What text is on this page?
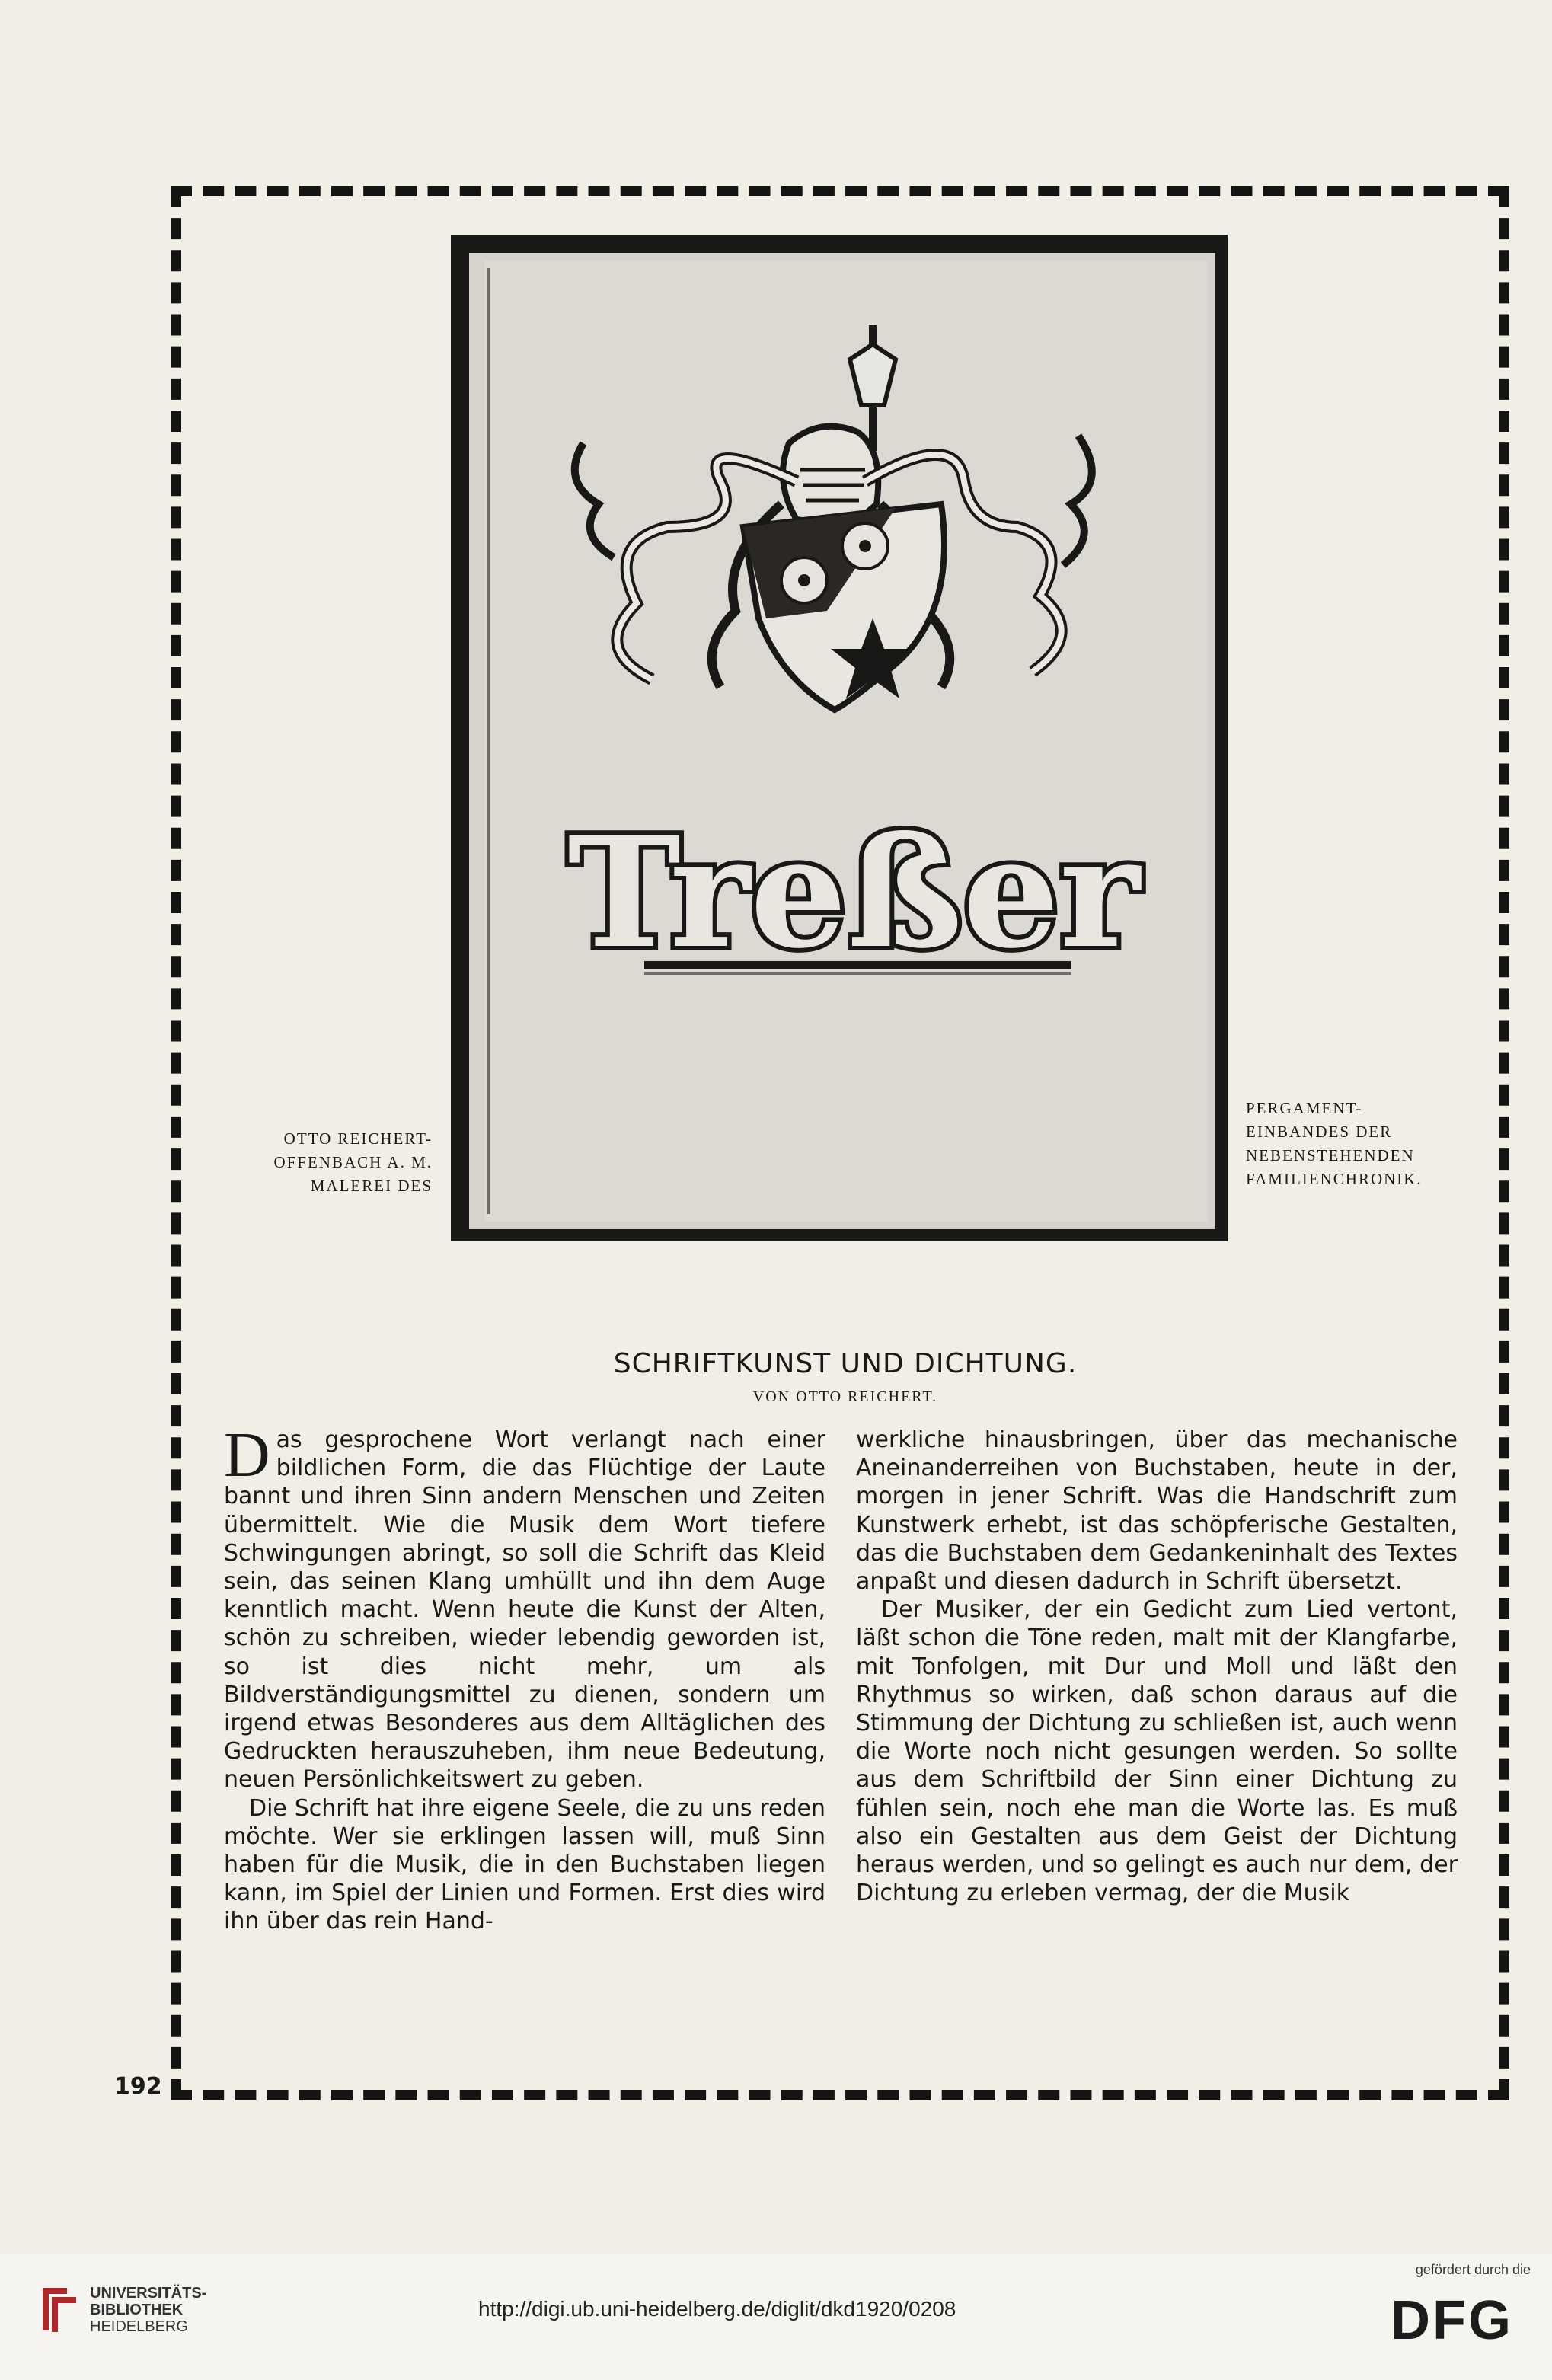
Treßer
OTTO REICHERT-
OFFENBACH A. M.
MALEREI DES
PERGAMENT-
EINBANDES DER
NEBENSTEHENDEN
FAMILIENCHRONIK.
SCHRIFTKUNST UND DICHTUNG.
VON OTTO REICHERT.

Das gesprochene Wort verlangt nach einer bildlichen Form, die das Flüchtige der Laute bannt und ihren Sinn andern Menschen und Zeiten übermittelt. Wie die Musik dem Wort tiefere Schwingungen abringt, so soll die Schrift das Kleid sein, das seinen Klang umhüllt und ihn dem Auge kenntlich macht. Wenn heute die Kunst der Alten, schön zu schreiben, wieder lebendig geworden ist, so ist dies nicht mehr, um als Bildverständigungsmittel zu dienen, sondern um irgend etwas Besonderes aus dem Alltäglichen des Gedruckten herauszuheben, ihm neue Bedeutung, neuen Persönlichkeitswert zu geben.

Die Schrift hat ihre eigene Seele, die zu uns reden möchte. Wer sie erklingen lassen will, muß Sinn haben für die Musik, die in den Buchstaben liegen kann, im Spiel der Linien und Formen. Erst dies wird ihn über das rein Hand-

werkliche hinausbringen, über das mechanische Aneinanderreihen von Buchstaben, heute in der, morgen in jener Schrift. Was die Handschrift zum Kunstwerk erhebt, ist das schöpferische Gestalten, das die Buchstaben dem Gedankeninhalt des Textes anpaßt und diesen dadurch in Schrift übersetzt.

Der Musiker, der ein Gedicht zum Lied vertont, läßt schon die Töne reden, malt mit der Klangfarbe, mit Tonfolgen, mit Dur und Moll und läßt den Rhythmus so wirken, daß schon daraus auf die Stimmung der Dichtung zu schließen ist, auch wenn die Worte noch nicht gesungen werden. So sollte aus dem Schriftbild der Sinn einer Dichtung zu fühlen sein, noch ehe man die Worte las. Es muß also ein Gestalten aus dem Geist der Dichtung heraus werden, und so gelingt es auch nur dem, der Dichtung zu erleben vermag, der die Musik

192
UNIVERSITÄTS-
BIBLIOTHEK
HEIDELBERG
http://digi.ub.uni-heidelberg.de/diglit/dkd1920/0208
gefördert durch die
DFG
